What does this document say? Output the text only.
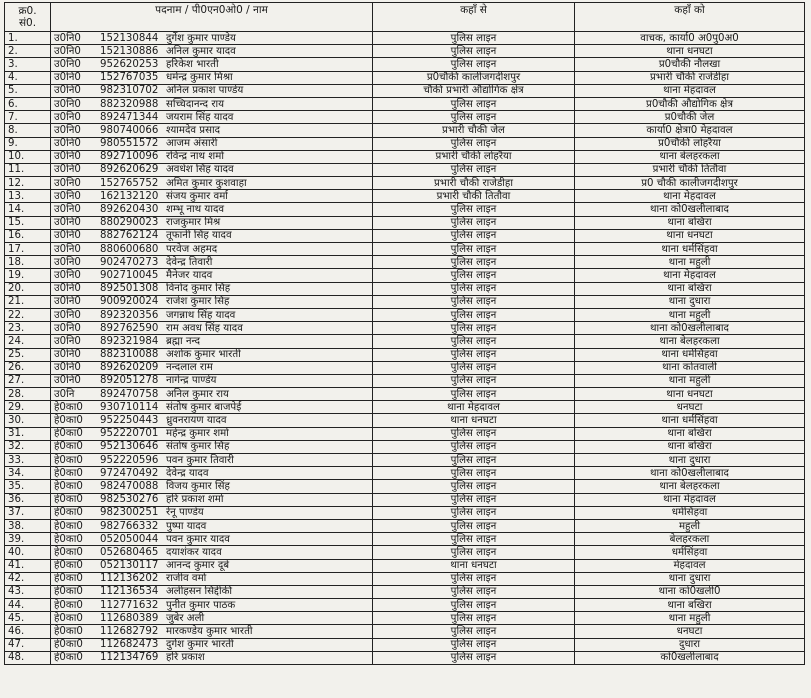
क्र0.
सं0.	पदनाम / पी0एन0ओ0 / नाम	कहाँ से	कहाँ को
1.	उ0नि0 152130844 दुर्गेश कुमार पाण्डेय	पुलिस लाइन	वाचक, कार्या0 अ0पु0अ0
2.	उ0नि0 152130886 अनिल कुमार यादव	पुलिस लाइन	थाना धनघटा
3.	उ0नि0 952620253 हरिकेश भारती	पुलिस लाइन	प्र0चौकी नौलखा
4.	उ0नि0 152767035 धर्मेन्द्र कुमार मिश्रा	प्र0चौकी कालीजगदीशपुर	प्रभारी चौकी राजेडीहा
5.	उ0नि0 982310702 अनिल प्रकाश पाण्डेय	चौकी प्रभारी औद्योगिक क्षेत्र	थाना मेहदावल
6.	उ0नि0 882320988 सच्चिदानन्द राय	पुलिस लाइन	प्र0चौकी औद्योगिक क्षेत्र
7.	उ0नि0 892471344 जयराम सिंह यादव	पुलिस लाइन	प्र0चौकी जेल
8.	उ0नि0 980740066 श्यामदेव प्रसाद	प्रभारी चौकी जेल	कार्या0 क्षेत्रा0 मेहदावल
9.	उ0नि0 980551572 आजम अंसारी	पुलिस लाइन	प्र0चौकी लोहरैया
10.	उ0नि0 892710096 रविन्द्र नाथ शर्मा	प्रभारी चौकी लोहरैया	थाना बेलहरकला
11.	उ0नि0 892620629 अवधेश सिंह यादव	पुलिस लाइन	प्रभारी चौकी तितौवा
12.	उ0नि0 152765752 अमित कुमार कुशवाहा	प्रभारी चौकी राजेडीहा	प्र0 चौकी कालीजगदीशपुर
13.	उ0नि0 162132120 संजय कुमार वर्मा	प्रभारी चौकी तितौवा	थाना मेहदावल
14.	उ0नि0 892620430 शम्भू नाथ यादव	पुलिस लाइन	थाना को0खलीलाबाद
15.	उ0नि0 880290023 राजकुमार मिश्र	पुलिस लाइन	थाना बखिरा
16.	उ0नि0 882762124 तूफानी सिंह यादव	पुलिस लाइन	थाना धनघटा
17.	उ0नि0 880600680 परवेज अहमद	पुलिस लाइन	थाना धर्मसिंहवा
18.	उ0नि0 902470273 देवेन्द्र तिवारी	पुलिस लाइन	थाना महुली
19.	उ0नि0 902710045 मैनेजर यादव	पुलिस लाइन	थाना मेहदावल
20.	उ0नि0 892501308 विनोद कुमार सिंह	पुलिस लाइन	थाना बखिरा
21.	उ0नि0 900920024 राजेश कुमार सिंह	पुलिस लाइन	थाना दुधारा
22.	उ0नि0 892320356 जगन्नाथ सिंह यादव	पुलिस लाइन	थाना महुली
23.	उ0नि0 892762590 राम अवध सिंह यादव	पुलिस लाइन	थाना को0खलीलाबाद
24.	उ0नि0 892321984 ब्रह्मा नन्द	पुलिस लाइन	थाना बेलहरकला
25.	उ0नि0 882310088 अशोक कुमार भारती	पुलिस लाइन	थाना धर्मसिंहवा
26.	उ0नि0 892620209 नन्दलाल राम	पुलिस लाइन	थाना कोतवाली
27.	उ0नि0 892051278 नागेन्द्र पाण्डेय	पुलिस लाइन	थाना महुली
28.	उ0नि 892470758 अनिल कुमार राय	पुलिस लाइन	थाना धनघटा
29.	हे0का0 930710114 संतोष कुमार बाजपेई	थाना मेहदावल	धनघटा
30.	हे0का0 952250443 ध्रुवनरायण यादव	थाना धनघटा	थाना धर्मसिंहवा
31.	हे0का0 952220701 महेन्द्र कुमार शर्मा	पुलिस लाइन	थाना बखिरा
32.	हे0का0 952130646 संतोष कुमार सिंह	पुलिस लाइन	थाना बखिरा
33.	हे0का0 952220596 पवन कुमार तिवारी	पुलिस लाइन	थाना दुधारा
34.	हे0का0 972470492 देवेन्द्र यादव	पुलिस लाइन	थाना को0खलीलाबाद
35.	हे0का0 982470088 विजय कुमार सिंह	पुलिस लाइन	थाना बेलहरकला
36.	हे0का0 982530276 हरि प्रकाश शर्मा	पुलिस लाइन	थाना मेहदावल
37.	हे0का0 982300251 रेनू पाण्डेय	पुलिस लाइन	धर्मसिंहवा
38.	हे0का0 982766332 पुष्पा यादव	पुलिस लाइन	महुली
39.	हे0का0 052050044 पवन कुमार यादव	पुलिस लाइन	बेलहरकला
40.	हे0का0 052680465 दयाशंकर यादव	पुलिस लाइन	धर्मसिंहवा
41.	हे0का0 052130117 आनन्द कुमार दूबे	थाना धनघटा	मेहदावल
42.	हे0का0 112136202 राजीव वर्मा	पुलिस लाइन	थाना दुधारा
43.	हे0का0 112136534 अलीहसन सिद्दीकी	पुलिस लाइन	थाना को0खली0
44.	हे0का0 112771632 पुनीत कुमार पाठक	पुलिस लाइन	थाना बखिरा
45.	हे0का0 112680389 जुबेर अली	पुलिस लाइन	थाना महुली
46.	हे0का0 112682792 मारकण्डेय कुमार भारती	पुलिस लाइन	धनघटा
47.	हे0का0 112682473 दुर्गेश कुमार भारती	पुलिस लाइन	दुधारा
48.	हे0का0 112134769 हरि प्रकाश	पुलिस लाइन	को0खलीलाबाद
